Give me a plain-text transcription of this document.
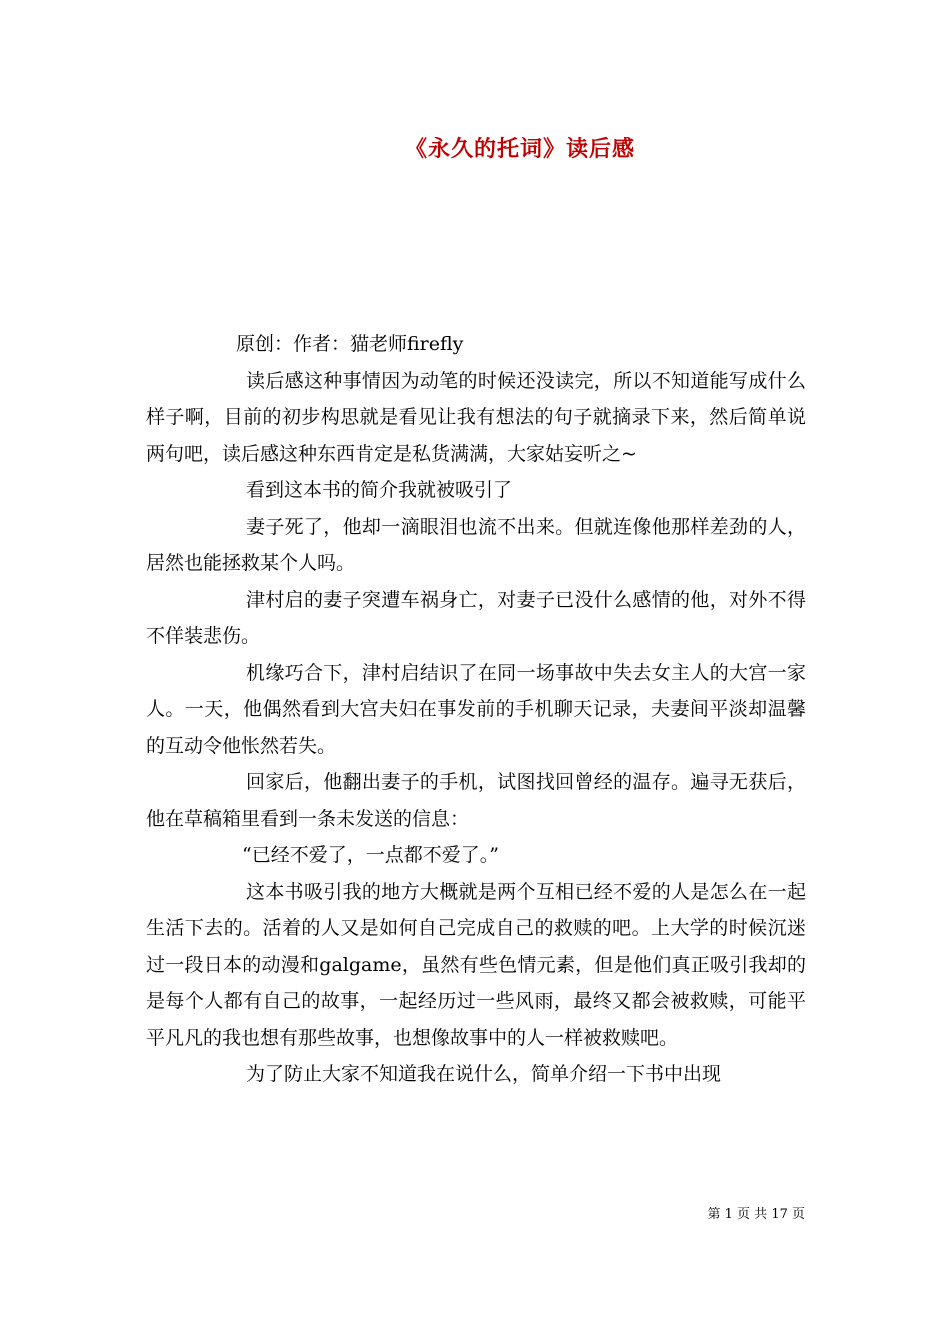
《永久的托词》读后感

原创：作者：猫老师firefly

读后感这种事情因为动笔的时候还没读完，所以不知道能写成什么样子啊，目前的初步构思就是看见让我有想法的句子就摘录下来，然后简单说两句吧，读后感这种东西肯定是私货满满，大家姑妄听之~

看到这本书的简介我就被吸引了

妻子死了，他却一滴眼泪也流不出来。但就连像他那样差劲的人，居然也能拯救某个人吗。

津村启的妻子突遭车祸身亡，对妻子已没什么感情的他，对外不得不佯装悲伤。

机缘巧合下，津村启结识了在同一场事故中失去女主人的大宫一家人。一天，他偶然看到大宫夫妇在事发前的手机聊天记录，夫妻间平淡却温馨的互动令他怅然若失。

回家后，他翻出妻子的手机，试图找回曾经的温存。遍寻无获后，他在草稿箱里看到一条未发送的信息：

“已经不爱了，一点都不爱了。”

这本书吸引我的地方大概就是两个互相已经不爱的人是怎么在一起生活下去的。活着的人又是如何自己完成自己的救赎的吧。上大学的时候沉迷过一段日本的动漫和galgame，虽然有些色情元素，但是他们真正吸引我却的是每个人都有自己的故事，一起经历过一些风雨，最终又都会被救赎，可能平平凡凡的我也想有那些故事，也想像故事中的人一样被救赎吧。

为了防止大家不知道我在说什么，简单介绍一下书中出现

第 1 页 共 17 页
